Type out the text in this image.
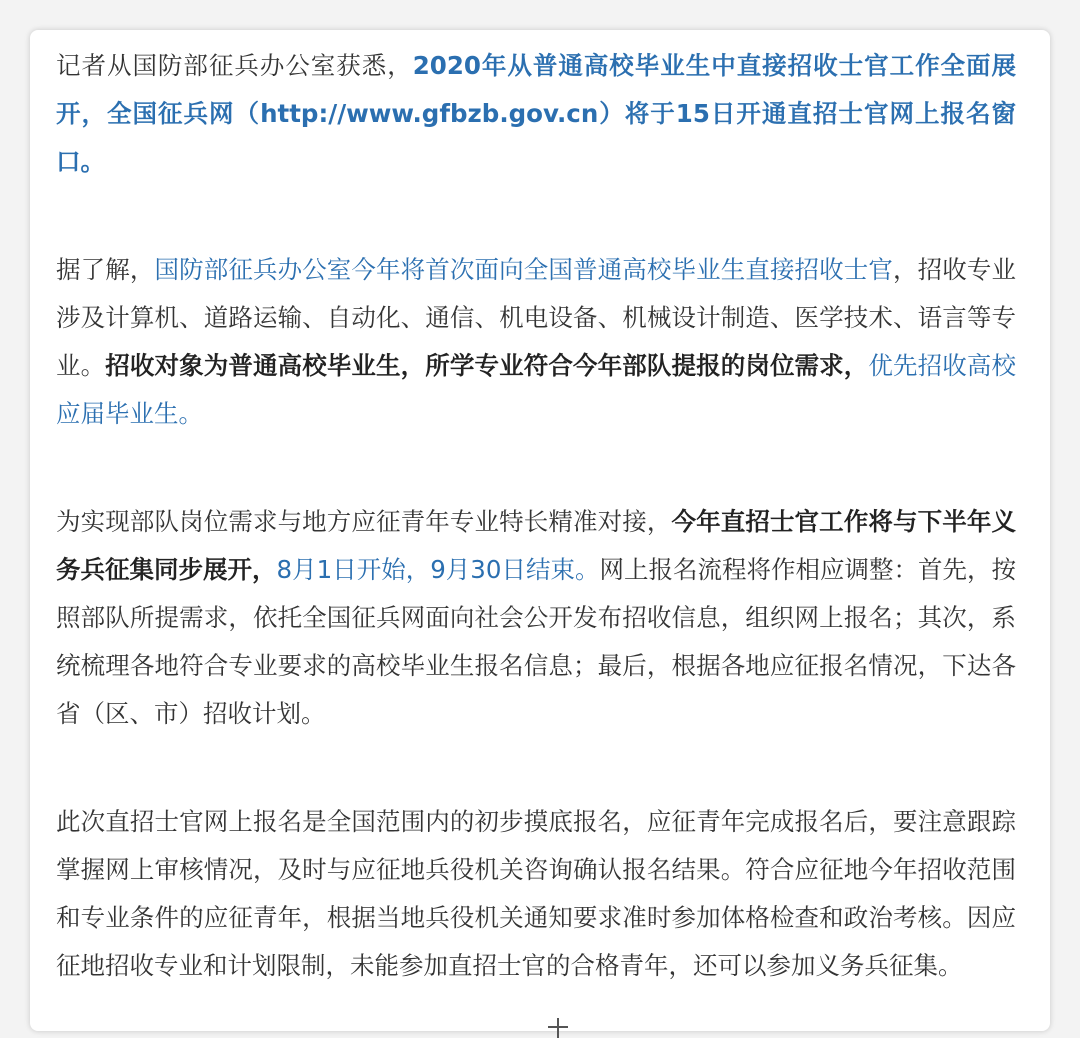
记者从国防部征兵办公室获悉，2020年从普通高校毕业生中直接招收士官工作全面展开，全国征兵网（http://www.gfbzb.gov.cn）将于15日开通直招士官网上报名窗口。

据了解，国防部征兵办公室今年将首次面向全国普通高校毕业生直接招收士官，招收专业涉及计算机、道路运输、自动化、通信、机电设备、机械设计制造、医学技术、语言等专业。招收对象为普通高校毕业生，所学专业符合今年部队提报的岗位需求，优先招收高校应届毕业生。

为实现部队岗位需求与地方应征青年专业特长精准对接，今年直招士官工作将与下半年义务兵征集同步展开，8月1日开始，9月30日结束。网上报名流程将作相应调整：首先，按照部队所提需求，依托全国征兵网面向社会公开发布招收信息，组织网上报名；其次，系统梳理各地符合专业要求的高校毕业生报名信息；最后，根据各地应征报名情况，下达各省（区、市）招收计划。

此次直招士官网上报名是全国范围内的初步摸底报名，应征青年完成报名后，要注意跟踪掌握网上审核情况，及时与应征地兵役机关咨询确认报名结果。符合应征地今年招收范围和专业条件的应征青年，根据当地兵役机关通知要求准时参加体格检查和政治考核。因应征地招收专业和计划限制，未能参加直招士官的合格青年，还可以参加义务兵征集。
